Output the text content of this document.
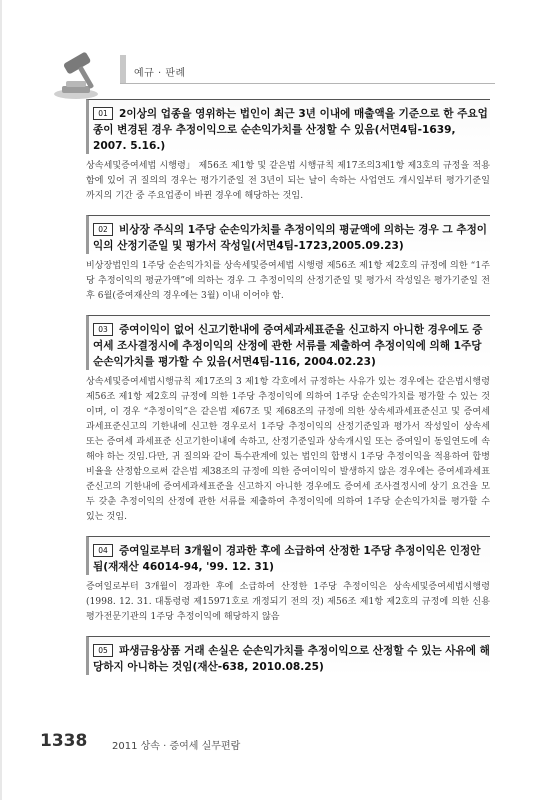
예규 · 판례
01 2이상의 업종을 영위하는 법인이 최근 3년 이내에 매출액을 기준으로 한 주요업종이 변경된 경우 추정이익으로 순손익가치를 산정할 수 있음(서면4팀-1639, 2007. 5.16.)
상속세및증여세법 시행령」 제56조 제1항 및 같은법 시행규칙 제17조의3제1항 제3호의 규정을 적용함에 있어 귀 질의의 경우는 평가기준일 전 3년이 되는 날이 속하는 사업연도 개시일부터 평가기준일까지의 기간 중 주요업종이 바뀐 경우에 해당하는 것임.
02 비상장 주식의 1주당 순손익가치를 추정이익의 평균액에 의하는 경우 그 추정이익의 산정기준일 및 평가서 작성일(서면4팀-1723,2005.09.23)
비상장법인의 1주당 순손익가치를 상속세및증여세법 시행령 제56조 제1항 제2호의 규정에 의한 “1주당 추정이익의 평균가액”에 의하는 경우 그 추정이익의 산정기준일 및 평가서 작성일은 평가기준일 전후 6월(증여재산의 경우에는 3월) 이내 이어야 함.
03 증여이익이 없어 신고기한내에 증여세과세표준을 신고하지 아니한 경우에도 증여세 조사결정시에 추정이익의 산정에 관한 서류를 제출하여 추정이익에 의해 1주당 순손익가치를 평가할 수 있음(서면4팀-116, 2004.02.23)
상속세및증여세법시행규칙 제17조의 3 제1항 각호에서 규정하는 사유가 있는 경우에는 같은법시행령 제56조 제1항 제2호의 규정에 의한 1주당 추정이익에 의하여 1주당 순손익가치를 평가할 수 있는 것이며, 이 경우 “추정이익”은 같은법 제67조 및 제68조의 규정에 의한 상속세과세표준신고 및 증여세과세표준신고의 기한내에 신고한 경우로서 1주당 추정이익의 산정기준일과 평가서 작성일이 상속세 또는 증여세 과세표준 신고기한이내에 속하고, 산정기준일과 상속개시일 또는 증여일이 동일연도에 속해야 하는 것임.다만, 귀 질의와 같이 특수관계에 있는 법인의 합병시 1주당 추정이익을 적용하여 합병비율을 산정함으로써 같은법 제38조의 규정에 의한 증여이익이 발생하지 않은 경우에는 증여세과세표준신고의 기한내에 증여세과세표준을 신고하지 아니한 경우에도 증여세 조사결정시에 상기 요건을 모두 갖춘 추정이익의 산정에 관한 서류를 제출하여 추정이익에 의하여 1주당 순손익가치를 평가할 수 있는 것임.
04 증여일로부터 3개월이 경과한 후에 소급하여 산정한 1주당 추정이익은 인정안됨(재재산 46014-94, '99. 12. 31)
증여일로부터 3개월이 경과한 후에 소급하여 산정한 1주당 추정이익은 상속세및증여세법시행령(1998. 12. 31. 대통령령 제15971호로 개정되기 전의 것) 제56조 제1항 제2호의 규정에 의한 신용평가전문기관의 1주당 추정이익에 해당하지 않음
05 파생금융상품 거래 손실은 순손익가치를 추정이익으로 산정할 수 있는 사유에 해당하지 아니하는 것임(재산-638, 2010.08.25)
1338 2011 상속 · 증여세 실무편람
